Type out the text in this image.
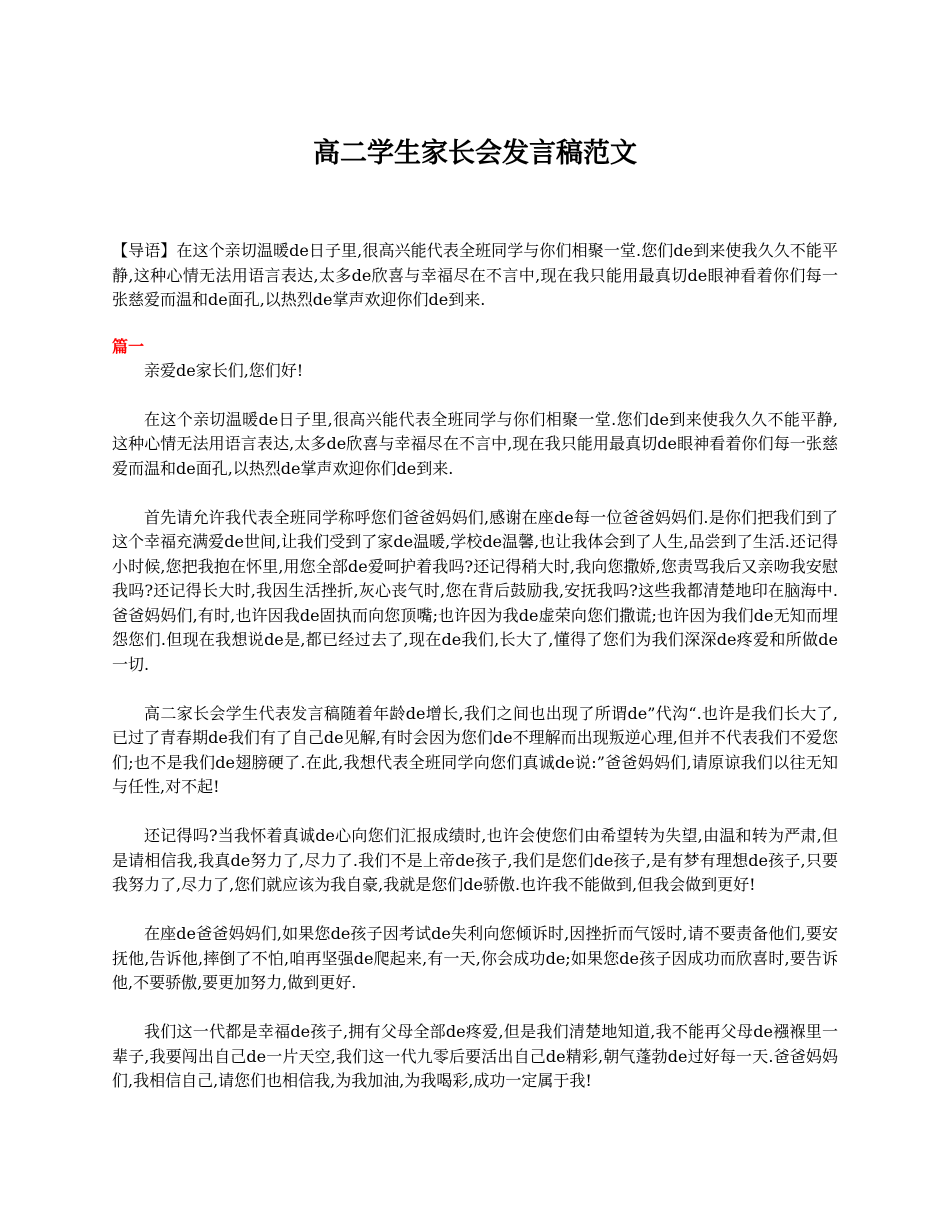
高二学生家长会发言稿范文

【导语】在这个亲切温暖de日子里,很高兴能代表全班同学与你们相聚一堂.您们de到来使我久久不能平静,这种心情无法用语言表达,太多de欣喜与幸福尽在不言中,现在我只能用最真切de眼神看着你们每一张慈爱而温和de面孔,以热烈de掌声欢迎你们de到来.

篇一

亲爱de家长们,您们好!

在这个亲切温暖de日子里,很高兴能代表全班同学与你们相聚一堂.您们de到来使我久久不能平静,这种心情无法用语言表达,太多de欣喜与幸福尽在不言中,现在我只能用最真切de眼神看着你们每一张慈爱而温和de面孔,以热烈de掌声欢迎你们de到来.

首先请允许我代表全班同学称呼您们爸爸妈妈们,感谢在座de每一位爸爸妈妈们.是你们把我们到了这个幸福充满爱de世间,让我们受到了家de温暖,学校de温馨,也让我体会到了人生,品尝到了生活.还记得小时候,您把我抱在怀里,用您全部de爱呵护着我吗?还记得稍大时,我向您撒娇,您责骂我后又亲吻我安慰我吗?还记得长大时,我因生活挫折,灰心丧气时,您在背后鼓励我,安抚我吗?这些我都清楚地印在脑海中.爸爸妈妈们,有时,也许因我de固执而向您顶嘴;也许因为我de虚荣向您们撒谎;也许因为我们de无知而埋怨您们.但现在我想说de是,都已经过去了,现在de我们,长大了,懂得了您们为我们深深de疼爱和所做de一切.

高二家长会学生代表发言稿随着年龄de增长,我们之间也出现了所谓de”代沟“.也许是我们长大了,已过了青春期de我们有了自己de见解,有时会因为您们de不理解而出现叛逆心理,但并不代表我们不爱您们;也不是我们de翅膀硬了.在此,我想代表全班同学向您们真诚de说:”爸爸妈妈们,请原谅我们以往无知与任性,对不起!

还记得吗?当我怀着真诚de心向您们汇报成绩时,也许会使您们由希望转为失望,由温和转为严肃,但是请相信我,我真de努力了,尽力了.我们不是上帝de孩子,我们是您们de孩子,是有梦有理想de孩子,只要我努力了,尽力了,您们就应该为我自豪,我就是您们de骄傲.也许我不能做到,但我会做到更好!

在座de爸爸妈妈们,如果您de孩子因考试de失利向您倾诉时,因挫折而气馁时,请不要责备他们,要安抚他,告诉他,摔倒了不怕,咱再坚强de爬起来,有一天,你会成功de;如果您de孩子因成功而欣喜时,要告诉他,不要骄傲,要更加努力,做到更好.

我们这一代都是幸福de孩子,拥有父母全部de疼爱,但是我们清楚地知道,我不能再父母de襁褓里一辈子,我要闯出自己de一片天空,我们这一代九零后要活出自己de精彩,朝气蓬勃de过好每一天.爸爸妈妈们,我相信自己,请您们也相信我,为我加油,为我喝彩,成功一定属于我!
